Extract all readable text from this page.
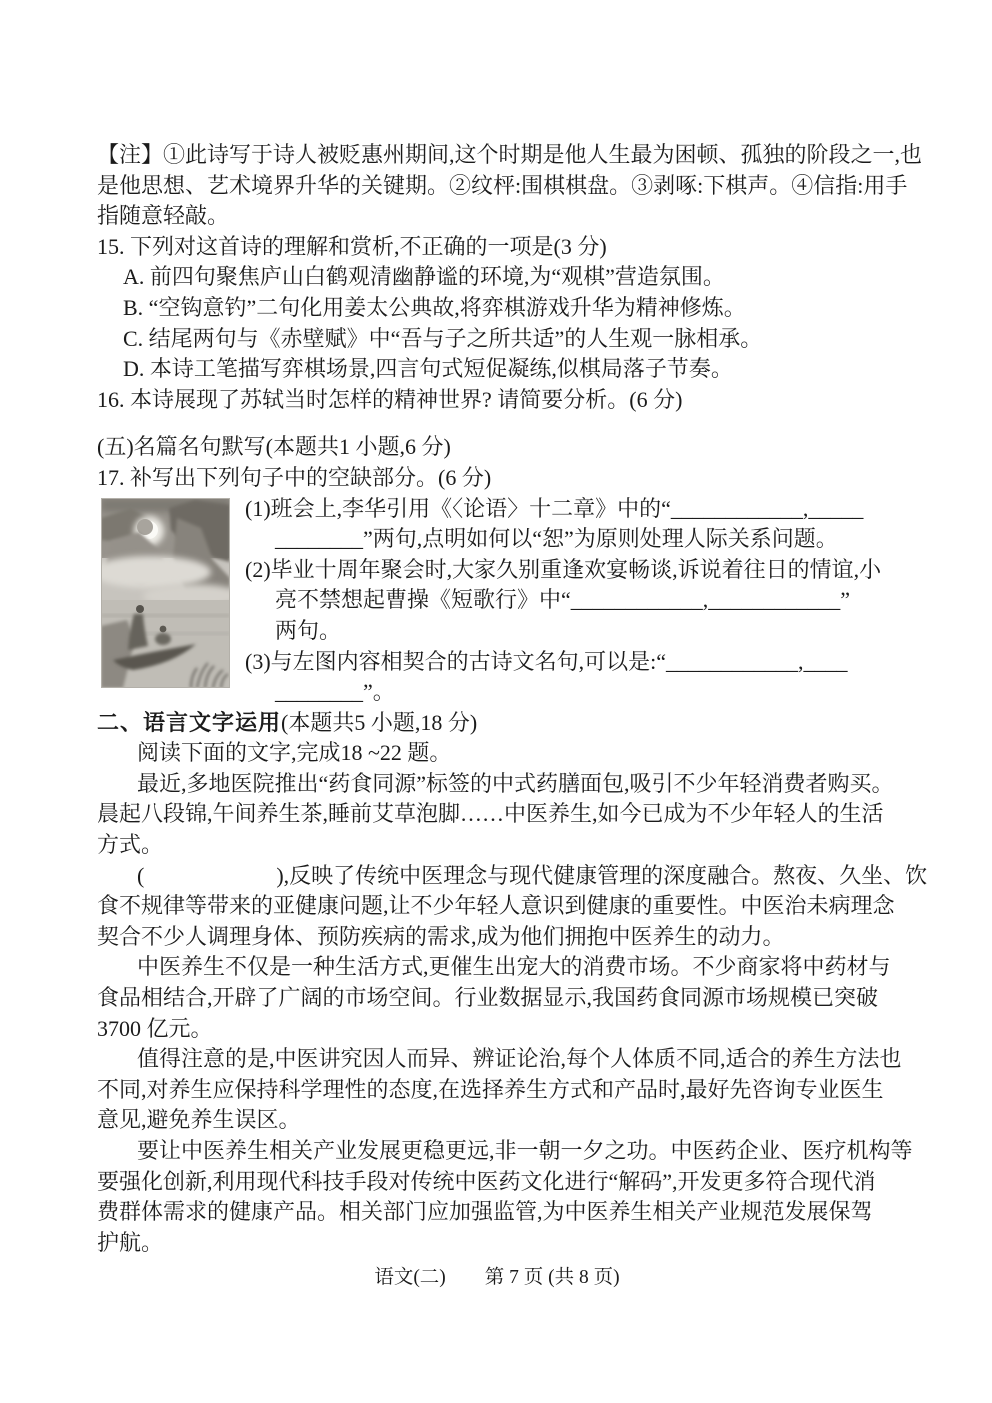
【注】①此诗写于诗人被贬惠州期间,这个时期是他人生最为困顿、孤独的阶段之一,也

是他思想、艺术境界升华的关键期。②纹枰:围棋棋盘。③剥啄:下棋声。④信指:用手

指随意轻敲。

15. 下列对这首诗的理解和赏析,不正确的一项是(3 分)

A. 前四句聚焦庐山白鹤观清幽静谧的环境,为“观棋”营造氛围。

B. “空钩意钓”二句化用姜太公典故,将弈棋游戏升华为精神修炼。

C. 结尾两句与《赤壁赋》中“吾与子之所共适”的人生观一脉相承。

D. 本诗工笔描写弈棋场景,四言句式短促凝练,似棋局落子节奏。

16. 本诗展现了苏轼当时怎样的精神世界? 请简要分析。(6 分)

(五)名篇名句默写(本题共1 小题,6 分)

17. 补写出下列句子中的空缺部分。(6 分)

(1)班会上,李华引用《〈论语〉十二章》中的“____________,_____

________”两句,点明如何以“恕”为原则处理人际关系问题。

(2)毕业十周年聚会时,大家久别重逢欢宴畅谈,诉说着往日的情谊,小

亮不禁想起曹操《短歌行》中“____________,____________”

两句。

(3)与左图内容相契合的古诗文名句,可以是:“____________,____

________”。

二、语言文字运用(本题共5 小题,18 分)

阅读下面的文字,完成18 ~22 题。

最近,多地医院推出“药食同源”标签的中式药膳面包,吸引不少年轻消费者购买。

晨起八段锦,午间养生茶,睡前艾草泡脚……中医养生,如今已成为不少年轻人的生活

方式。

(　　　　　　),反映了传统中医理念与现代健康管理的深度融合。熬夜、久坐、饮

食不规律等带来的亚健康问题,让不少年轻人意识到健康的重要性。中医治未病理念

契合不少人调理身体、预防疾病的需求,成为他们拥抱中医养生的动力。

中医养生不仅是一种生活方式,更催生出宠大的消费市场。不少商家将中药材与

食品相结合,开辟了广阔的市场空间。行业数据显示,我国药食同源市场规模已突破

3700 亿元。

值得注意的是,中医讲究因人而异、辨证论治,每个人体质不同,适合的养生方法也

不同,对养生应保持科学理性的态度,在选择养生方式和产品时,最好先咨询专业医生

意见,避免养生误区。

要让中医养生相关产业发展更稳更远,非一朝一夕之功。中医药企业、医疗机构等

要强化创新,利用现代科技手段对传统中医药文化进行“解码”,开发更多符合现代消

费群体需求的健康产品。相关部门应加强监管,为中医养生相关产业规范发展保驾

护航。

语文(二)　　第 7 页 (共 8 页)
